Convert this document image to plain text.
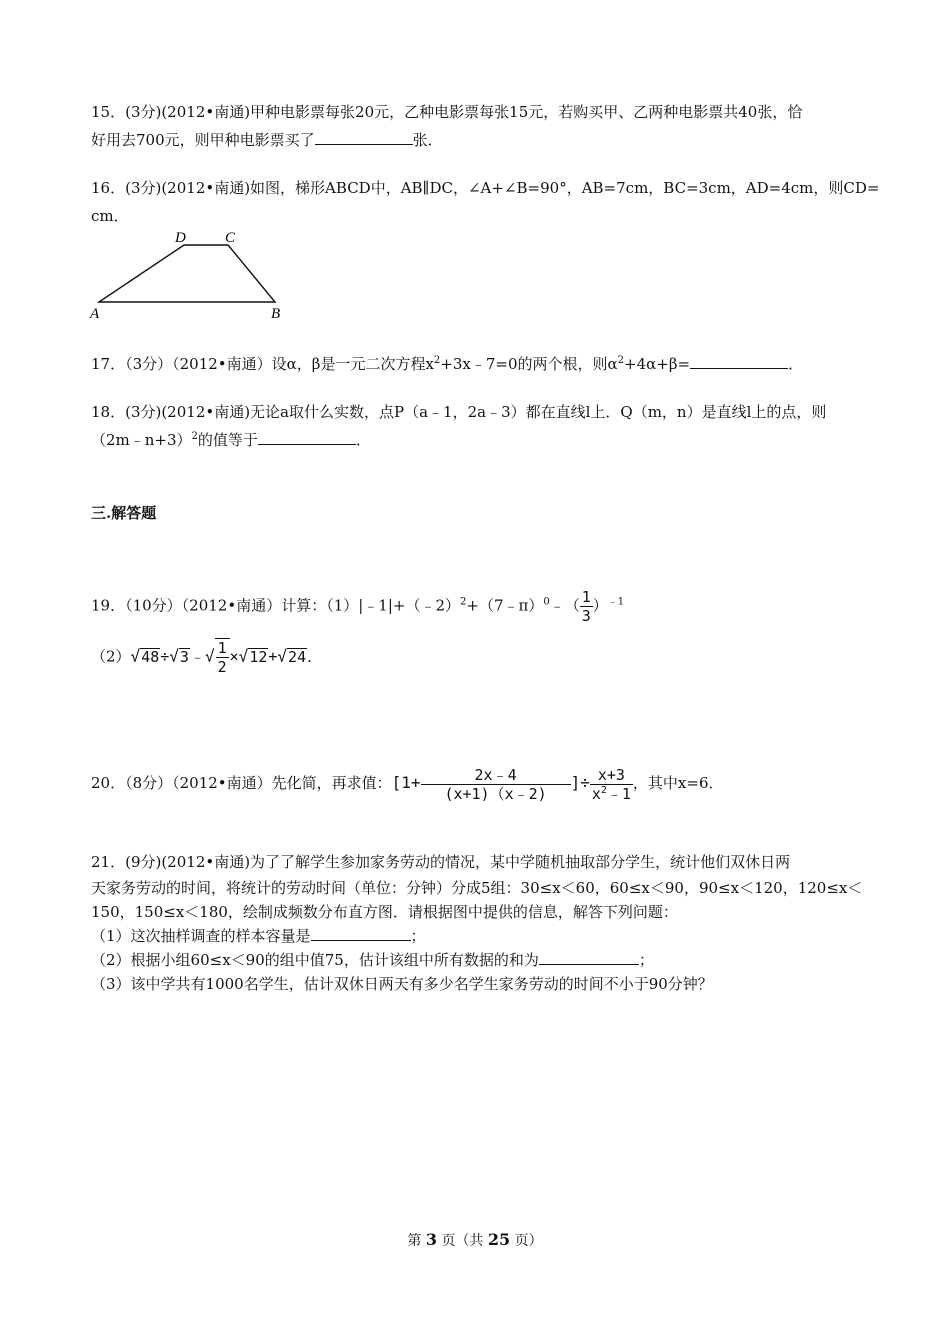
15．(3分)(2012•南通)甲种电影票每张20元，乙种电影票每张15元，若购买甲、乙两种电影票共40张，恰
好用去700元，则甲种电影票买了	张．
16．(3分)(2012•南通)如图，梯形ABCD中，AB∥DC，∠A+∠B=90°，AB=7cm，BC=3cm，AD=4cm，则CD=
cm．
D	C
A	B
17．（3分）（2012•南通）设α，β是一元二次方程$x^2+3x﹣7=0$的两个根，则$\alpha^2+4\alpha+\beta=$	．
18．(3分)(2012•南通)无论a取什么实数，点P（a﹣1，2a﹣3）都在直线l上．Q（m，n）是直线l上的点，则
（2m﹣n+3）$^2$的值等于	．
三.解答题
19．（10分）（2012•南通）计算：（1）|﹣1|+（﹣2）$^2$+（7﹣π）$^0$﹣（ $\frac{1}{3} )^{﹣1}$
（2）√48÷√3﹣√ $\frac{1}{2} \times√12+√24$．
20．（8分）（2012•南通）先化简，再求值：[$1+ \frac{2x﹣4}{(x+1)(x﹣2)}$ ]÷ $\frac{x+3}{x^2﹣1}$ ，其中x=6．
21．(9分)(2012•南通)为了了解学生参加家务劳动的情况，某中学随机抽取部分学生，统计他们双休日两
天家务劳动的时间，将统计的劳动时间（单位：分钟）分成5组：30≤x＜60，60≤x＜90，90≤x＜120，120≤x＜
150，150≤x＜180，绘制成频数分布直方图．请根据图中提供的信息，解答下列问题：
（1）这次抽样调查的样本容量是	；
（2）根据小组60≤x＜90的组中值75，估计该组中所有数据的和为	；
（3）该中学共有1000名学生，估计双休日两天有多少名学生家务劳动的时间不小于90分钟？
第 3 页（共 25 页）
